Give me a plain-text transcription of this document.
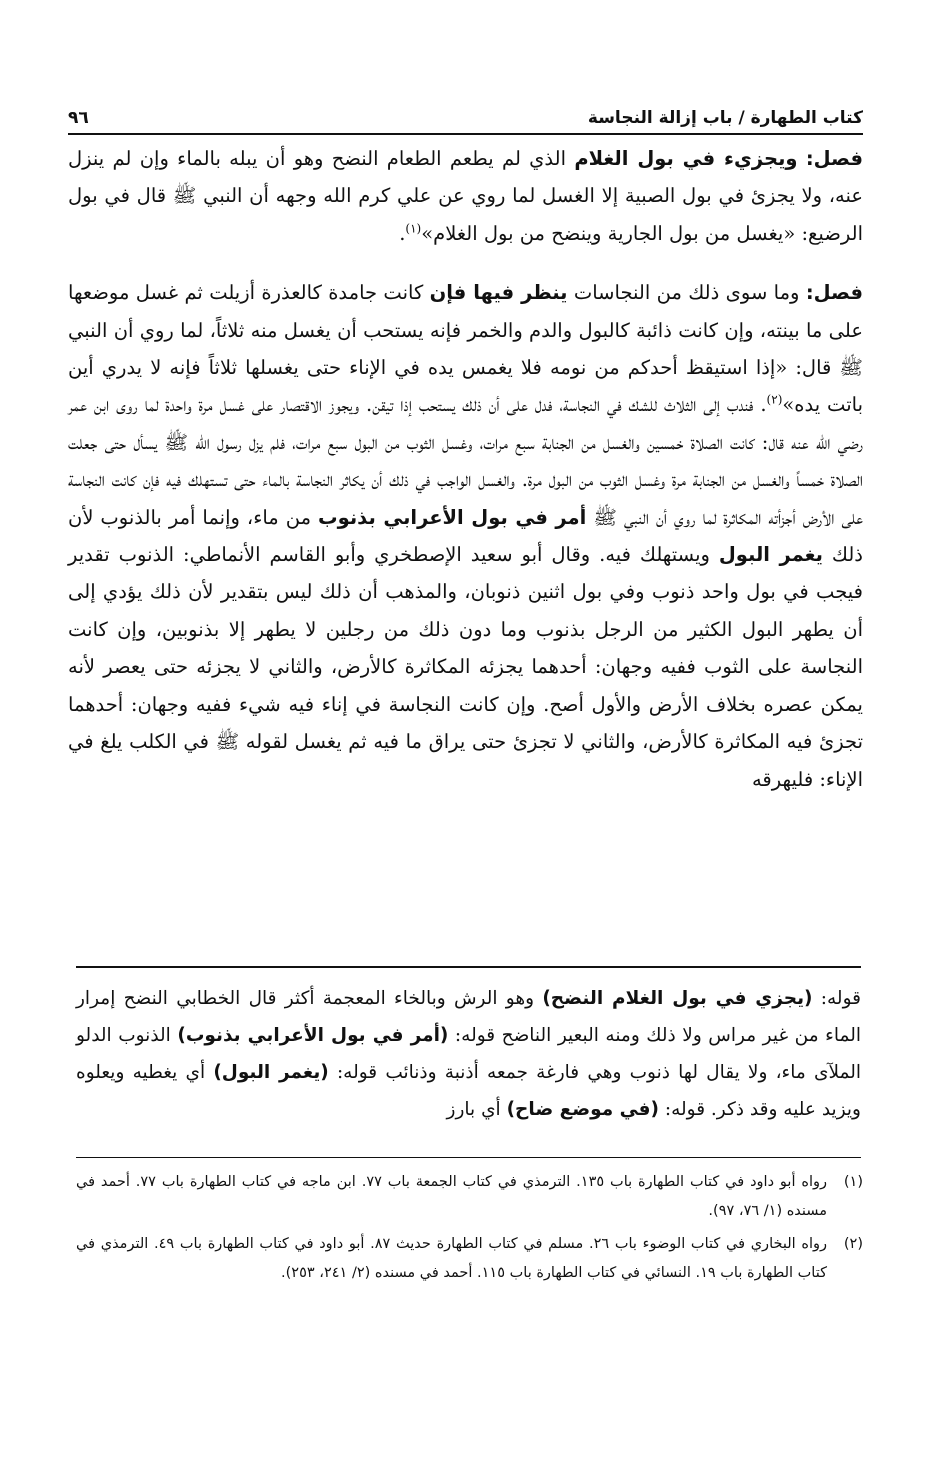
كتاب الطهارة / باب إزالة النجاسة
٩٦

فصل: ويجزيء في بول الغلام الذي لم يطعم الطعام النضح وهو أن يبله بالماء وإن لم ينزل عنه، ولا يجزئ في بول الصبية إلا الغسل لما روي عن علي كرم الله وجهه أن النبي ﷺ قال في بول الرضيع: «يغسل من بول الجارية وينضح من بول الغلام»$^{(١)}$.

فصل: وما سوى ذلك من النجاسات ينظر فيها فإن كانت جامدة كالعذرة أزيلت ثم غسل موضعها على ما بينته، وإن كانت ذائبة كالبول والدم والخمر فإنه يستحب أن يغسل منه ثلاثاً، لما روي أن النبي ﷺ قال: «إذا استيقظ أحدكم من نومه فلا يغمس يده في الإناء حتى يغسلها ثلاثاً فإنه لا يدري أين باتت يده»$^{(٢)}$. فندب إلى الثلاث للشك في النجاسة، فدل على أن ذلك يستحب إذا تيقن. ويجوز الاقتصار على غسل مرة واحدة لما روى ابن عمر رضي الله عنه قال: كانت الصلاة خمسين والغسل من الجنابة سبع مرات، وغسل الثوب من البول سبع مرات، فلم يزل رسول الله ﷺ يسأل حتى جعلت الصلاة خمساً والغسل من الجنابة مرة وغسل الثوب من البول مرة. والغسل الواجب في ذلك أن يكاثر النجاسة بالماء حتى تستهلك فيه فإن كانت النجاسة على الأرض أجزأته المكاثرة لما روي أن النبي ﷺ أمر في بول الأعرابي بذنوب من ماء، وإنما أمر بالذنوب لأن ذلك يغمر البول ويستهلك فيه. وقال أبو سعيد الإصطخري وأبو القاسم الأنماطي: الذنوب تقدير فيجب في بول واحد ذنوب وفي بول اثنين ذنوبان، والمذهب أن ذلك ليس بتقدير لأن ذلك يؤدي إلى أن يطهر البول الكثير من الرجل بذنوب وما دون ذلك من رجلين لا يطهر إلا بذنوبين، وإن كانت النجاسة على الثوب ففيه وجهان: أحدهما يجزئه المكاثرة كالأرض، والثاني لا يجزئه حتى يعصر لأنه يمكن عصره بخلاف الأرض والأول أصح. وإن كانت النجاسة في إناء فيه شيء ففيه وجهان: أحدهما تجزئ فيه المكاثرة كالأرض، والثاني لا تجزئ حتى يراق ما فيه ثم يغسل لقوله ﷺ في الكلب يلغ في الإناء: فليهرقه

قوله: (يجزي في بول الغلام النضح) وهو الرش وبالخاء المعجمة أكثر قال الخطابي النضح إمرار الماء من غير مراس ولا ذلك ومنه البعير الناضح قوله: (أمر في بول الأعرابي بذنوب) الذنوب الدلو الملآى ماء، ولا يقال لها ذنوب وهي فارغة جمعه أذنبة وذنائب قوله: (يغمر البول) أي يغطيه ويعلوه ويزيد عليه وقد ذكر. قوله: (في موضع ضاح) أي بارز

(١)
رواه أبو داود في كتاب الطهارة باب ١٣٥. الترمذي في كتاب الجمعة باب ٧٧. ابن ماجه في كتاب الطهارة باب ٧٧. أحمد في مسنده (١/ ٧٦، ٩٧).
(٢)
رواه البخاري في كتاب الوضوء باب ٢٦. مسلم في كتاب الطهارة حديث ٨٧. أبو داود في كتاب الطهارة باب ٤٩. الترمذي في كتاب الطهارة باب ١٩. النسائي في كتاب الطهارة باب ١١٥. أحمد في مسنده (٢/ ٢٤١، ٢٥٣).
